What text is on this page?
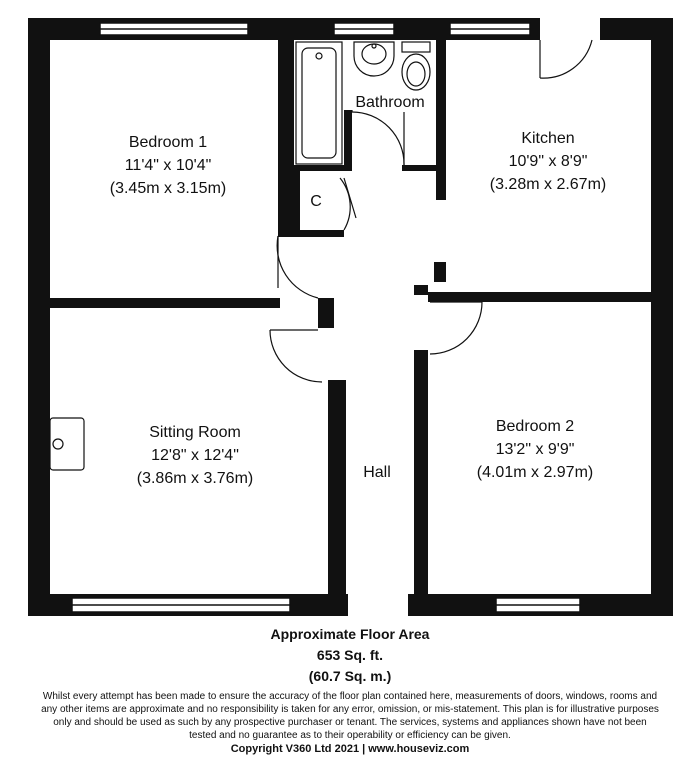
Bedroom 1
11'4" x 10'4"
(3.45m x 3.15m)
Bathroom
Kitchen
10'9" x 8'9"
(3.28m x 2.67m)
C
Sitting Room
12'8" x 12'4"
(3.86m x 3.76m)	Hall
Bedroom 2
13'2" x 9'9"
(4.01m x 2.97m)
Approximate Floor Area
653 Sq. ft.
(60.7 Sq. m.)
Whilst every attempt has been made to ensure the accuracy of the floor plan contained here, measurements of doors, windows, rooms and any other items are approximate and no responsibility is taken for any error, omission, or mis-statement. This plan is for illustrative purposes only and should be used as such by any prospective purchaser or tenant. The services, systems and appliances shown have not been tested and no guarantee as to their operability or efficiency can be given.
Copyright V360 Ltd 2021 | www.houseviz.com
